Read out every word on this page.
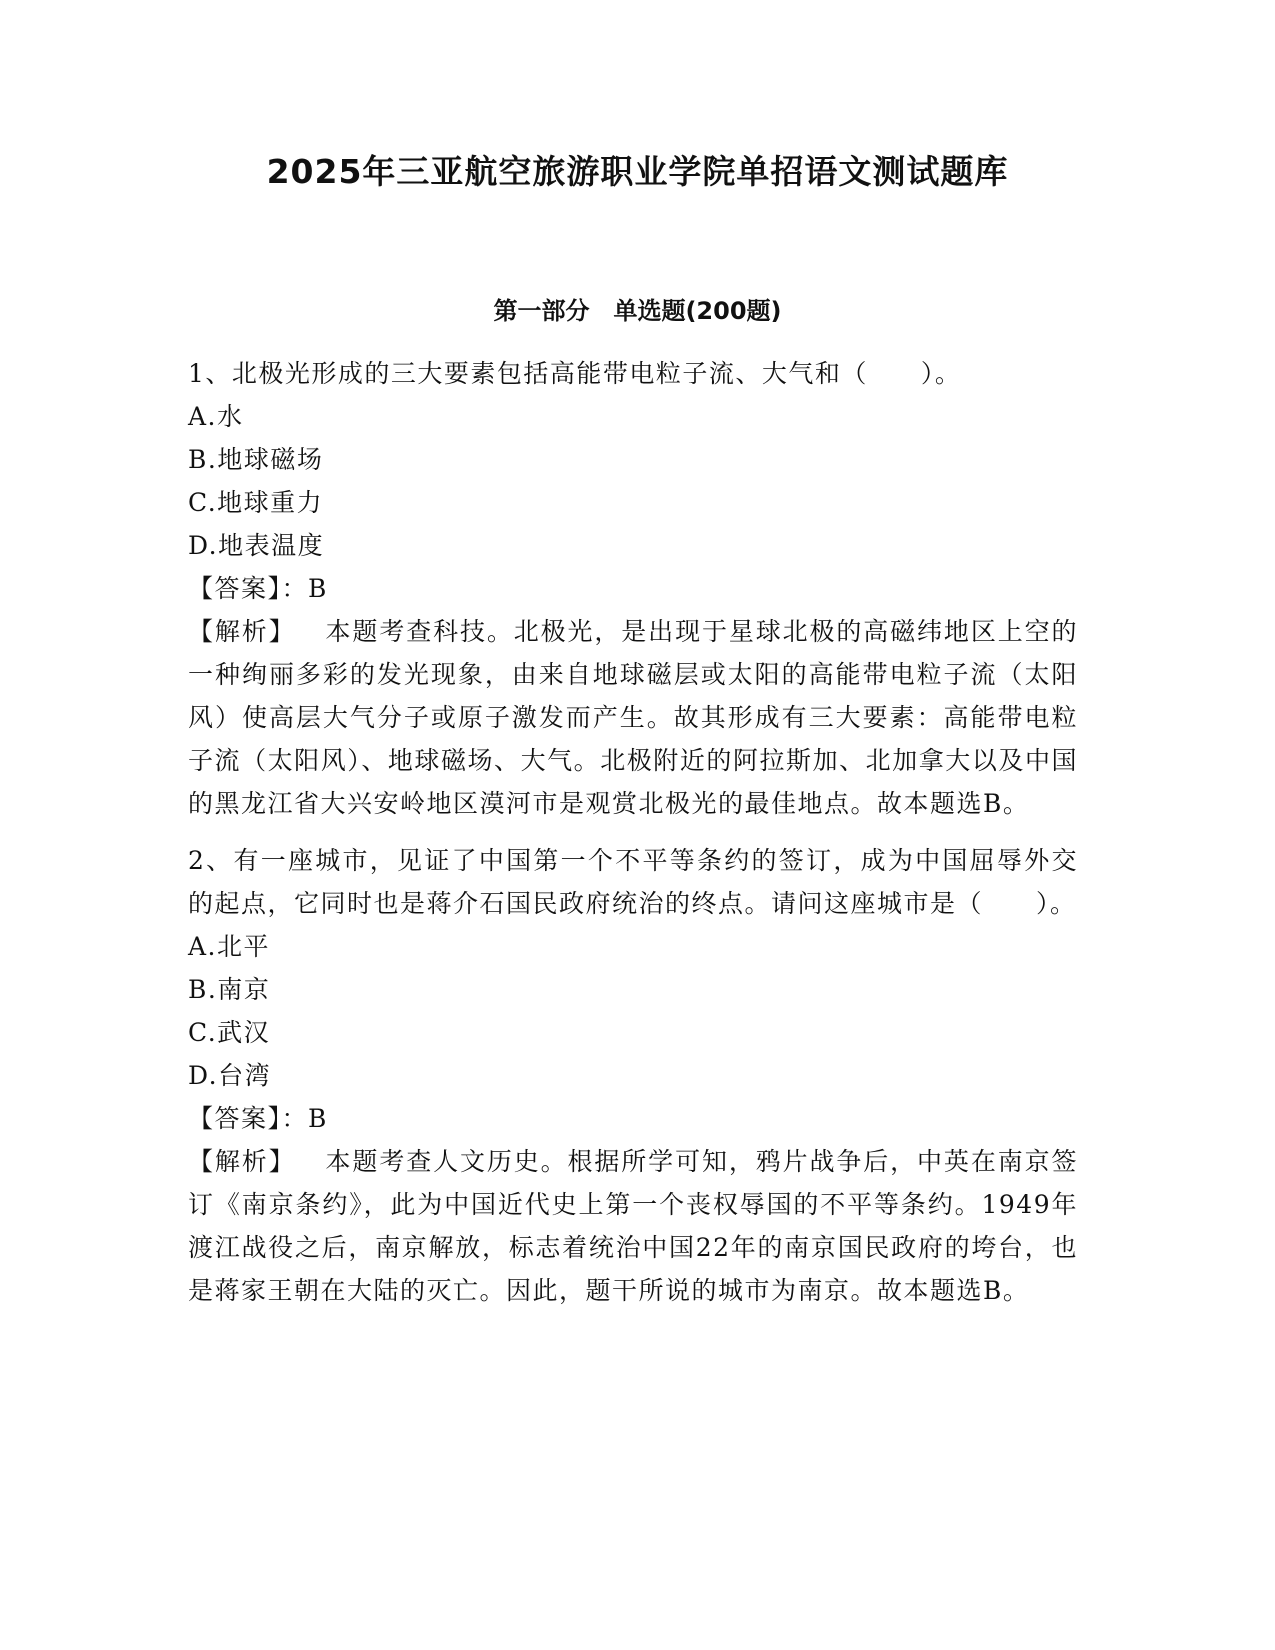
2025年三亚航空旅游职业学院单招语文测试题库
第一部分　单选题(200题)

1、北极光形成的三大要素包括高能带电粒子流、大气和（　　）。

A.水

B.地球磁场

C.地球重力

D.地表温度

【答案】：B

【解析】 本题考查科技。北极光，是出现于星球北极的高磁纬地区上空的一种绚丽多彩的发光现象，由来自地球磁层或太阳的高能带电粒子流（太阳风）使高层大气分子或原子激发而产生。故其形成有三大要素：高能带电粒子流（太阳风）、地球磁场、大气。北极附近的阿拉斯加、北加拿大以及中国的黑龙江省大兴安岭地区漠河市是观赏北极光的最佳地点。故本题选B。

2、有一座城市，见证了中国第一个不平等条约的签订，成为中国屈辱外交的起点，它同时也是蒋介石国民政府统治的终点。请问这座城市是（　　）。

A.北平

B.南京

C.武汉

D.台湾

【答案】：B

【解析】 本题考查人文历史。根据所学可知，鸦片战争后，中英在南京签订《南京条约》，此为中国近代史上第一个丧权辱国的不平等条约。1949年渡江战役之后，南京解放，标志着统治中国22年的南京国民政府的垮台，也是蒋家王朝在大陆的灭亡。因此，题干所说的城市为南京。故本题选B。
